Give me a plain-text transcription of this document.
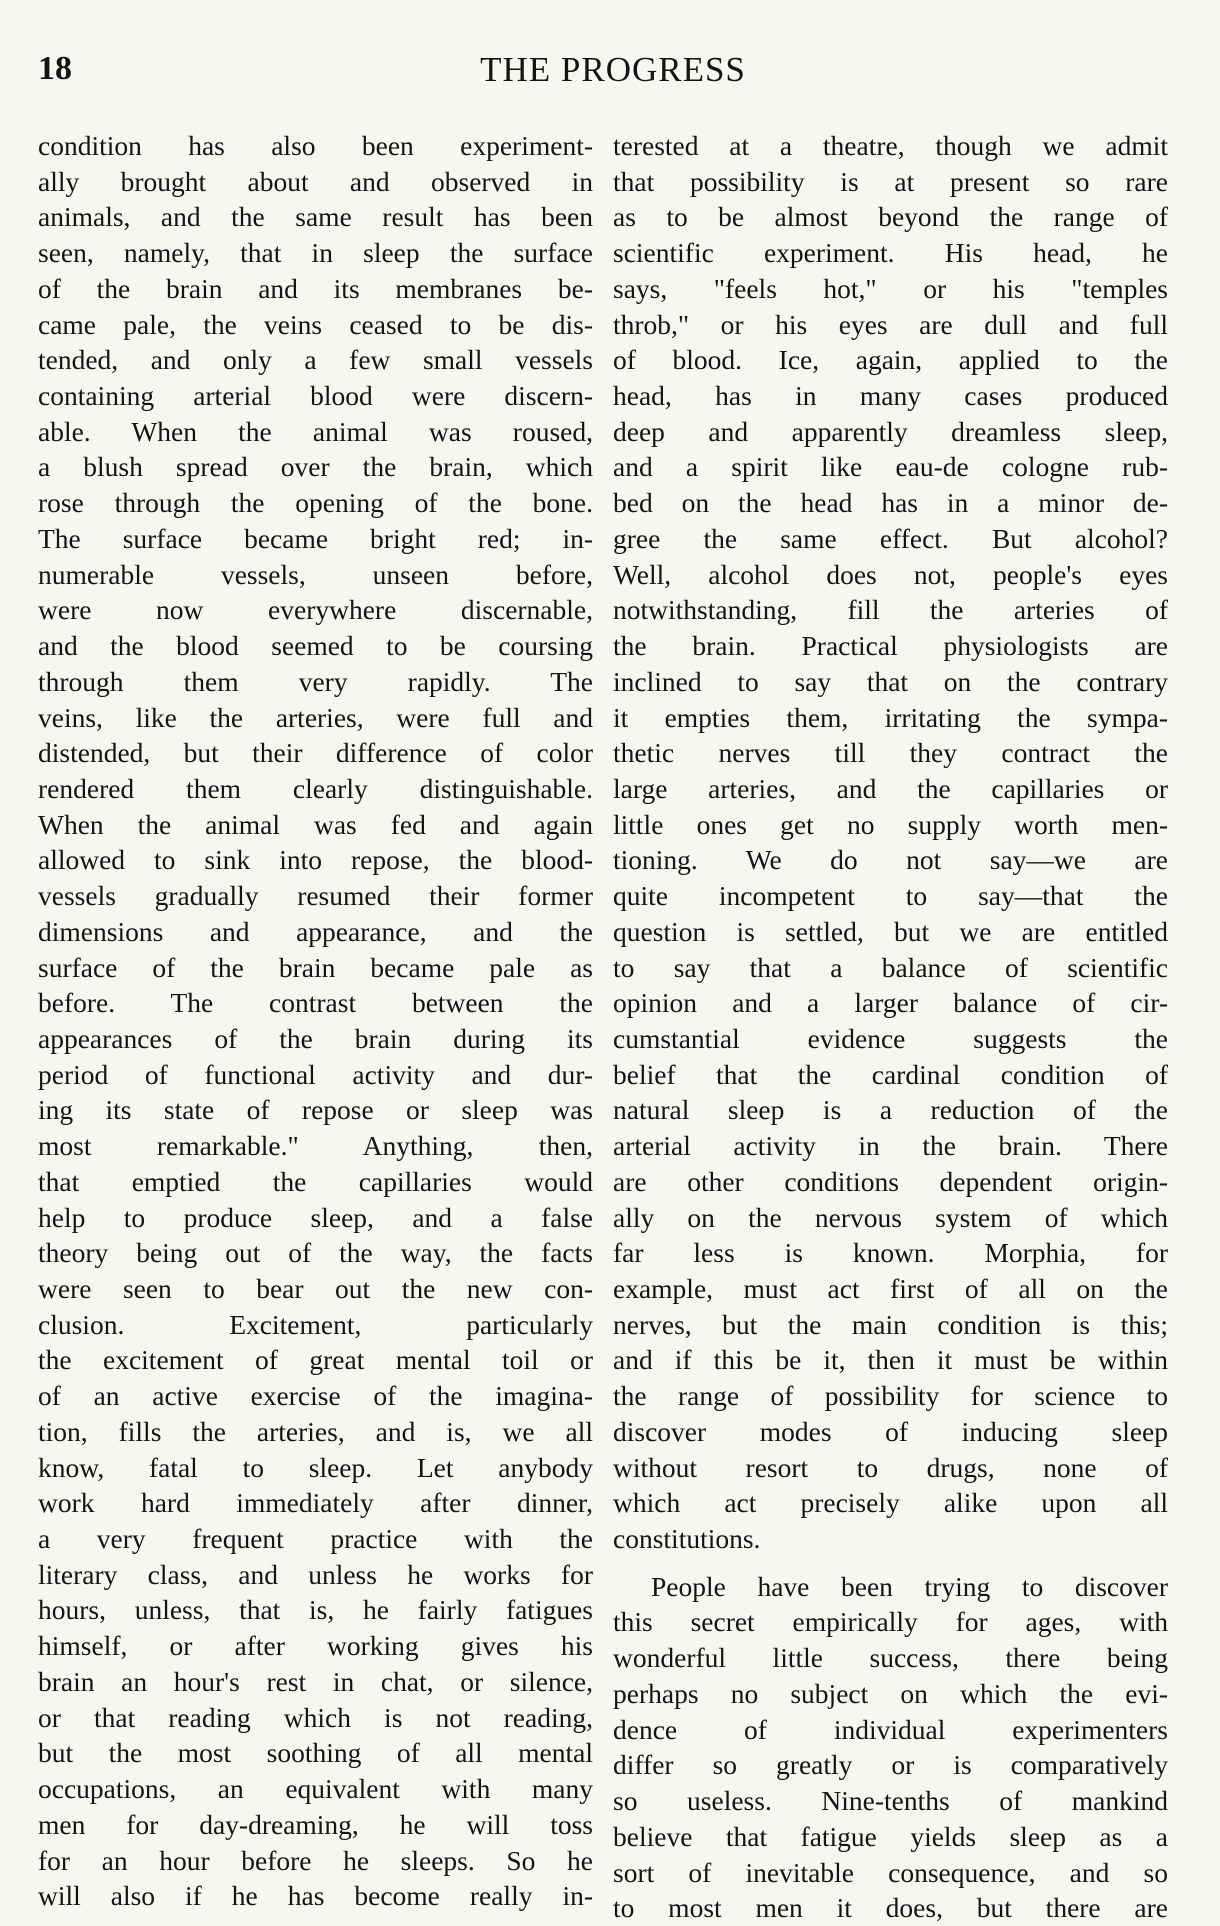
18	THE PROGRESS
condition has also been experiment-
ally brought about and observed in
animals, and the same result has been
seen, namely, that in sleep the surface
of the brain and its membranes be-
came pale, the veins ceased to be dis-
tended, and only a few small vessels
containing arterial blood were discern-
able. When the animal was roused,
a blush spread over the brain, which
rose through the opening of the bone.
The surface became bright red; in-
numerable vessels, unseen before,
were now everywhere discernable,
and the blood seemed to be coursing
through them very rapidly. The
veins, like the arteries, were full and
distended, but their difference of color
rendered them clearly distinguishable.
When the animal was fed and again
allowed to sink into repose, the blood-
vessels gradually resumed their former
dimensions and appearance, and the
surface of the brain became pale as
before. The contrast between the
appearances of the brain during its
period of functional activity and dur-
ing its state of repose or sleep was
most remarkable." Anything, then,
that emptied the capillaries would
help to produce sleep, and a false
theory being out of the way, the facts
were seen to bear out the new con-
clusion. Excitement, particularly
the excitement of great mental toil or
of an active exercise of the imagina-
tion, fills the arteries, and is, we all
know, fatal to sleep. Let anybody
work hard immediately after dinner,
a very frequent practice with the
literary class, and unless he works for
hours, unless, that is, he fairly fatigues
himself, or after working gives his
brain an hour's rest in chat, or silence,
or that reading which is not reading,
but the most soothing of all mental
occupations, an equivalent with many
men for day-dreaming, he will toss
for an hour before he sleeps. So he
will also if he has become really in-
terested at a theatre, though we admit
that possibility is at present so rare
as to be almost beyond the range of
scientific experiment. His head, he
says, "feels hot," or his "temples
throb," or his eyes are dull and full
of blood. Ice, again, applied to the
head, has in many cases produced
deep and apparently dreamless sleep,
and a spirit like eau-de cologne rub-
bed on the head has in a minor de-
gree the same effect. But alcohol?
Well, alcohol does not, people's eyes
notwithstanding, fill the arteries of
the brain. Practical physiologists are
inclined to say that on the contrary
it empties them, irritating the sympa-
thetic nerves till they contract the
large arteries, and the capillaries or
little ones get no supply worth men-
tioning. We do not say—we are
quite incompetent to say—that the
question is settled, but we are entitled
to say that a balance of scientific
opinion and a larger balance of cir-
cumstantial evidence suggests the
belief that the cardinal condition of
natural sleep is a reduction of the
arterial activity in the brain. There
are other conditions dependent origin-
ally on the nervous system of which
far less is known. Morphia, for
example, must act first of all on the
nerves, but the main condition is this;
and if this be it, then it must be within
the range of possibility for science to
discover modes of inducing sleep
without resort to drugs, none of
which act precisely alike upon all
constitutions.
People have been trying to discover
this secret empirically for ages, with
wonderful little success, there being
perhaps no subject on which the evi-
dence of individual experimenters
differ so greatly or is comparatively
so useless. Nine-tenths of mankind
believe that fatigue yields sleep as a
sort of inevitable consequence, and so
to most men it does, but there are
